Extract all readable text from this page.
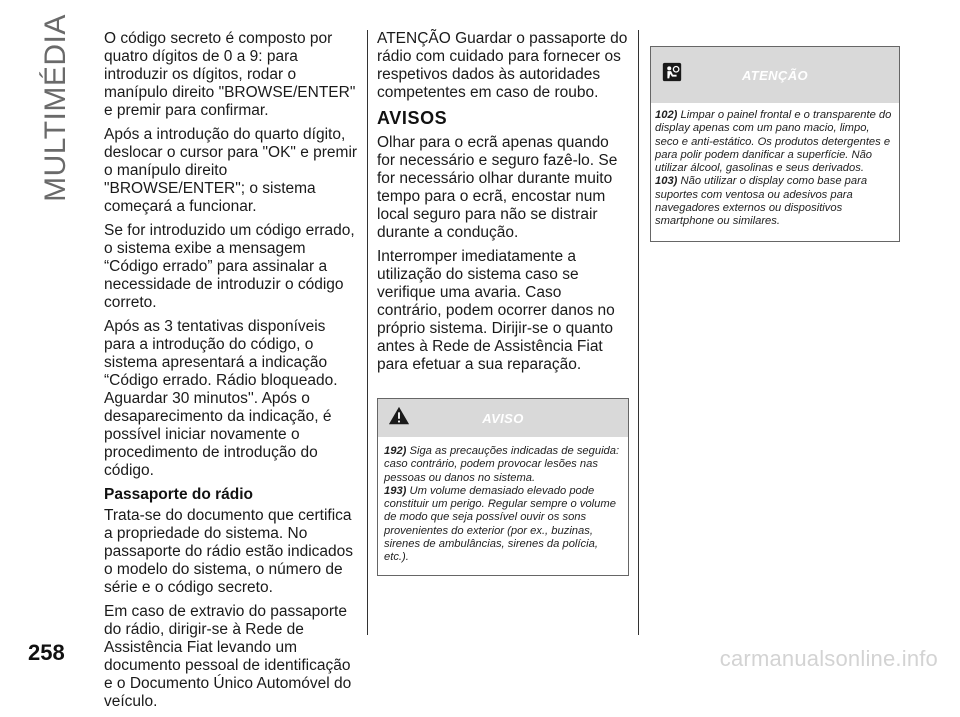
MULTIMÉDIA
258

O código secreto é composto por quatro dígitos de 0 a 9: para introduzir os dígitos, rodar o manípulo direito "BROWSE/ENTER" e premir para confirmar.

Após a introdução do quarto dígito, deslocar o cursor para "OK" e premir o manípulo direito "BROWSE/ENTER"; o sistema começará a funcionar.

Se for introduzido um código errado, o sistema exibe a mensagem “Código errado” para assinalar a necessidade de introduzir o código correto.

Após as 3 tentativas disponíveis para a introdução do código, o sistema apresentará a indicação “Código errado. Rádio bloqueado. Aguardar 30 minutos''. Após o desaparecimento da indicação, é possível iniciar novamente o procedimento de introdução do código.

Passaporte do rádio

Trata-se do documento que certifica a propriedade do sistema. No passaporte do rádio estão indicados o modelo do sistema, o número de série e o código secreto.

Em caso de extravio do passaporte do rádio, dirigir-se à Rede de Assistência Fiat levando um documento pessoal de identificação e o Documento Único Automóvel do veículo.

ATENÇÃO Guardar o passaporte do rádio com cuidado para fornecer os respetivos dados às autoridades competentes em caso de roubo.

AVISOS

Olhar para o ecrã apenas quando for necessário e seguro fazê-lo. Se for necessário olhar durante muito tempo para o ecrã, encostar num local seguro para não se distrair durante a condução.

Interromper imediatamente a utilização do sistema caso se verifique uma avaria. Caso contrário, podem ocorrer danos no próprio sistema. Dirijir-se o quanto antes à Rede de Assistência Fiat para efetuar a sua reparação.

AVISO

192) Siga as precauções indicadas de seguida: caso contrário, podem provocar lesões nas pessoas ou danos no sistema.

193) Um volume demasiado elevado pode constituir um perigo. Regular sempre o volume de modo que seja possível ouvir os sons provenientes do exterior (por ex., buzinas, sirenes de ambulâncias, sirenes da polícia, etc.).

ATENÇÃO

102) Limpar o painel frontal e o transparente do display apenas com um pano macio, limpo, seco e anti-estático. Os produtos detergentes e para polir podem danificar a superfície. Não utilizar álcool, gasolinas e seus derivados.

103) Não utilizar o display como base para suportes com ventosa ou adesivos para navegadores externos ou dispositivos smartphone ou similares.

carmanualsonline.info
